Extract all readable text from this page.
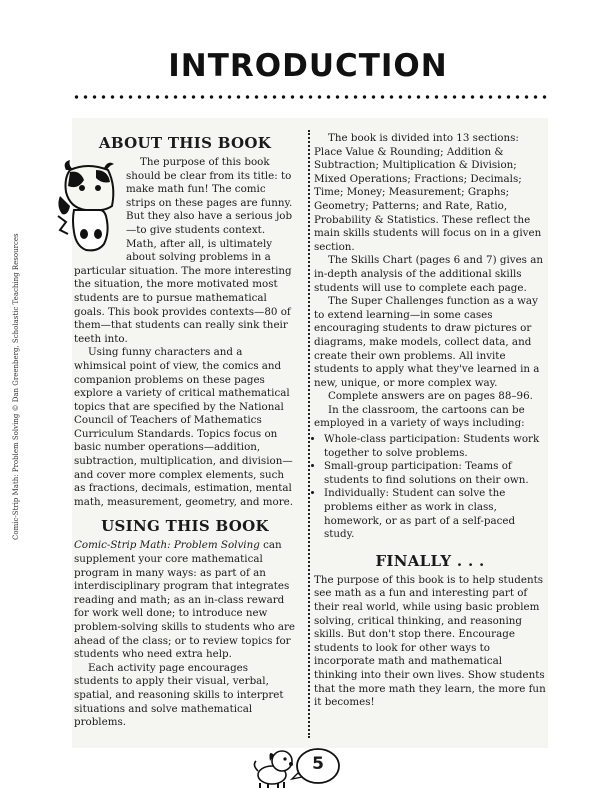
INTRODUCTION
Comic-Strip Math: Problem Solving © Dan Greenberg, Scholastic Teaching Resources
ABOUT THIS BOOK

The purpose of this book should be clear from its title: to make math fun! The comic strips on these pages are funny. But they also have a serious job—to give students context. Math, after all, is ultimately about solving problems in a particular situation. The more interesting the situation, the more motivated most students are to pursue mathematical goals. This book provides contexts—80 of them—that students can really sink their teeth into.

Using funny characters and a whimsical point of view, the comics and companion problems on these pages explore a variety of critical mathematical topics that are specified by the National Council of Teachers of Mathematics Curriculum Standards. Topics focus on basic number operations—addition, subtraction, multiplication, and division—and cover more complex elements, such as fractions, decimals, estimation, mental math, measurement, geometry, and more.

USING THIS BOOK

Comic-Strip Math: Problem Solving can supplement your core mathematical program in many ways: as part of an interdisciplinary program that integrates reading and math; as an in-class reward for work well done; to introduce new problem-solving skills to students who are ahead of the class; or to review topics for students who need extra help.

Each activity page encourages students to apply their visual, verbal, spatial, and reasoning skills to interpret situations and solve mathematical problems.

The book is divided into 13 sections: Place Value & Rounding; Addition & Subtraction; Multiplication & Division; Mixed Operations; Fractions; Decimals; Time; Money; Measurement; Graphs; Geometry; Patterns; and Rate, Ratio, Probability & Statistics. These reflect the main skills students will focus on in a given section.

The Skills Chart (pages 6 and 7) gives an in-depth analysis of the additional skills students will use to complete each page.

The Super Challenges function as a way to extend learning—in some cases encouraging students to draw pictures or diagrams, make models, collect data, and create their own problems. All invite students to apply what they've learned in a new, unique, or more complex way.

Complete answers are on pages 88–96.

In the classroom, the cartoons can be employed in a variety of ways including:

• Whole-class participation: Students work together to solve problems.
• Small-group participation: Teams of students to find solutions on their own.
• Individually: Student can solve the problems either as work in class, homework, or as part of a self-paced study.
FINALLY . . .

The purpose of this book is to help students see math as a fun and interesting part of their real world, while using basic problem solving, critical thinking, and reasoning skills. But don't stop there. Encourage students to look for other ways to incorporate math and mathematical thinking into their own lives. Show students that the more math they learn, the more fun it becomes!

5
